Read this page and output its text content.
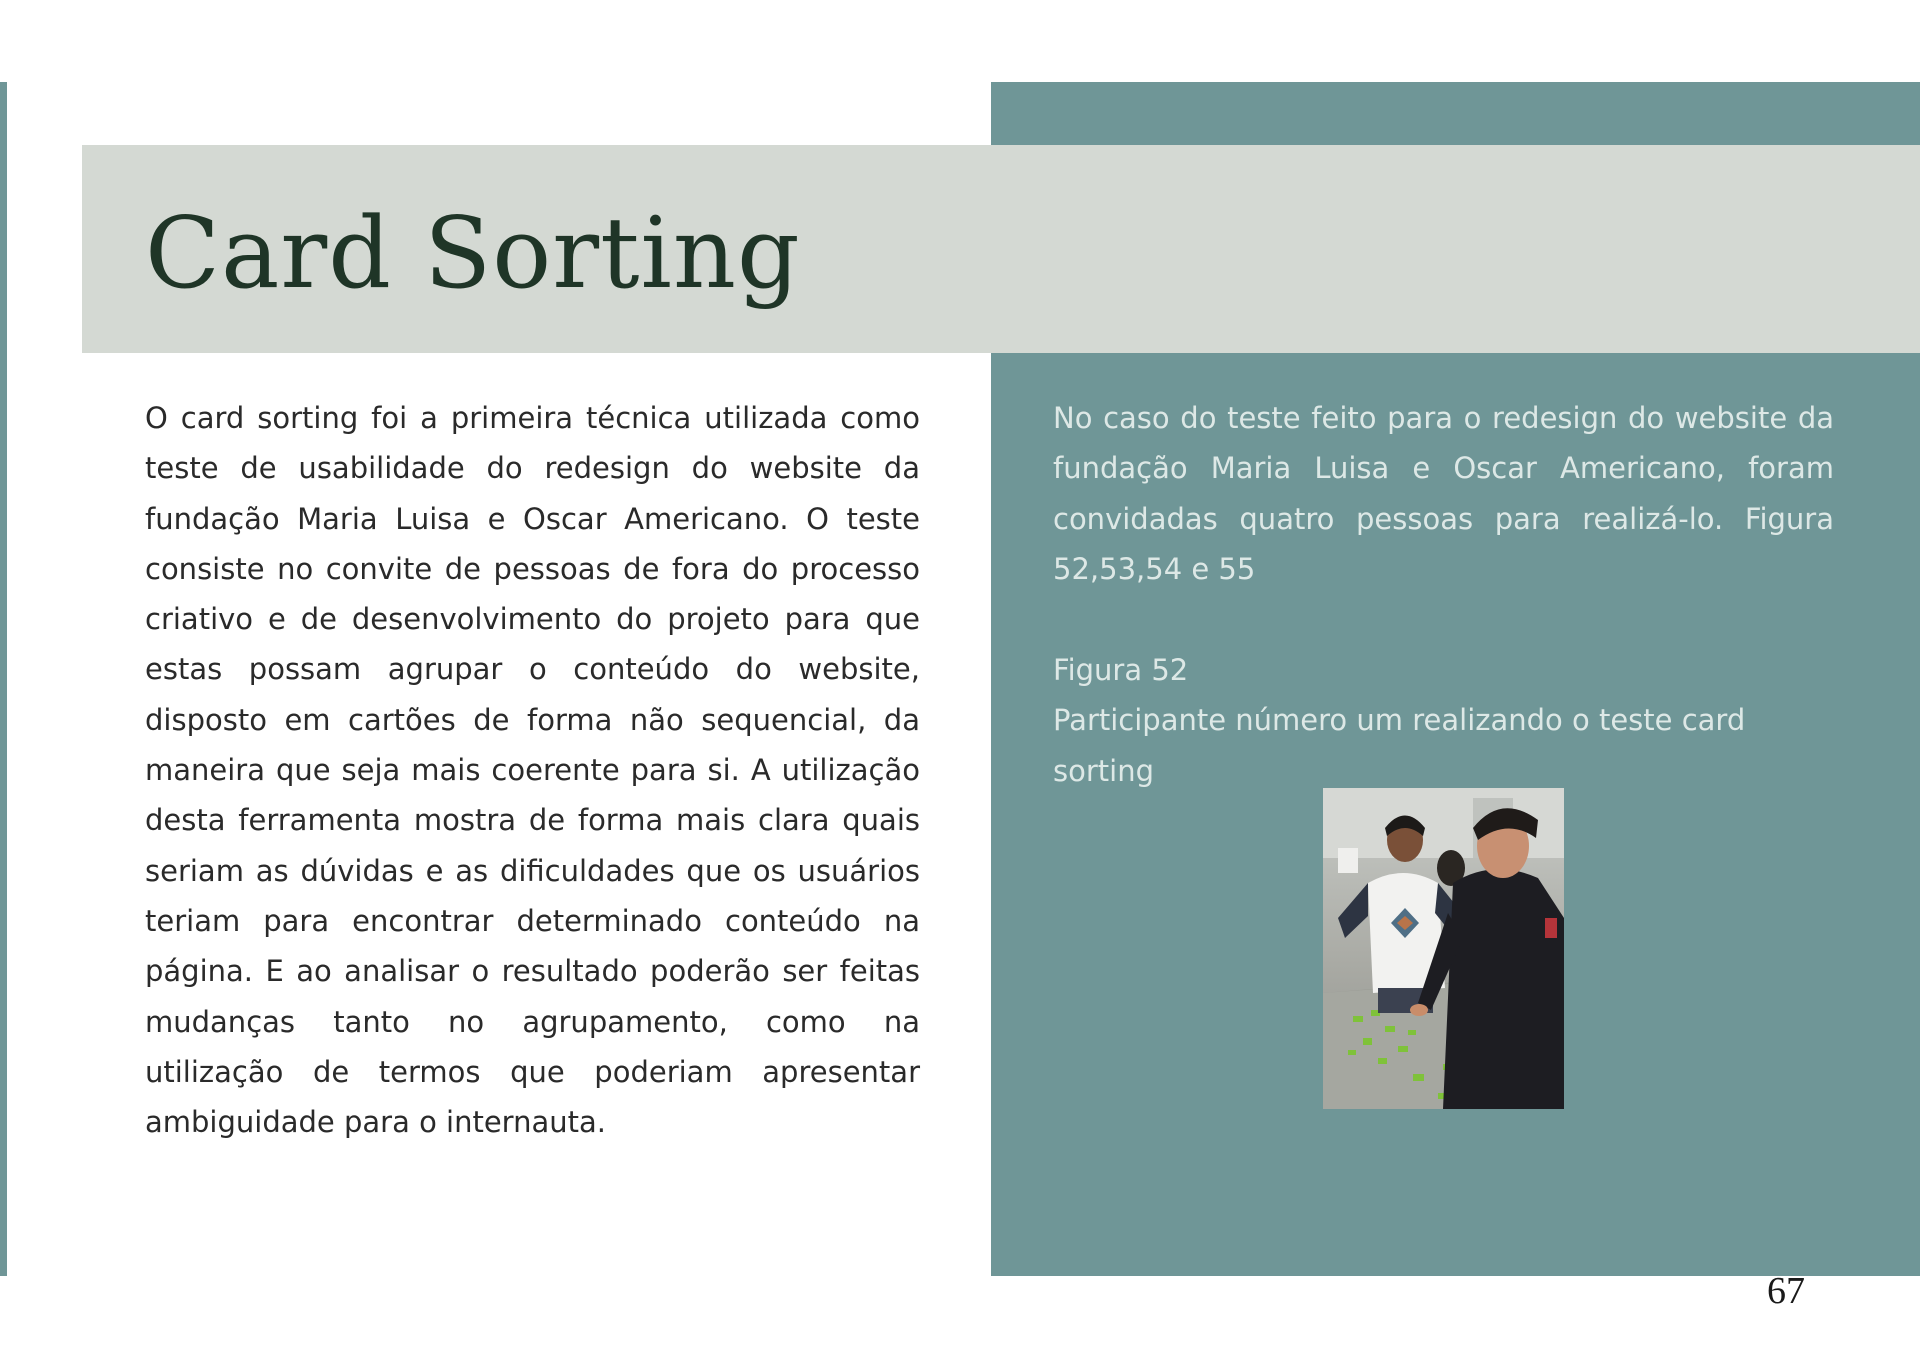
Card Sorting

O card sorting foi a primeira técnica utilizada como teste de usabilidade do redesign do website da fundação Maria Luisa e Oscar Americano. O teste consiste no convite de pessoas de fora do processo criativo e de desenvolvimento do projeto para que estas possam agrupar o conteúdo do website, disposto em cartões de forma não sequencial, da maneira que seja mais coerente para si. A utilização desta ferramenta mostra de forma mais clara quais seriam as dúvidas e as dificuldades que os usuários teriam para encontrar determinado conteúdo na página. E ao analisar o resultado poderão ser feitas mudanças tanto no agrupamento, como na utilização de termos que poderiam apresentar ambiguidade para o internauta.

No caso do teste feito para o redesign do website da fundação Maria Luisa e Oscar Americano, foram convidadas quatro pessoas para realizá-lo. Figura 52,53,54 e 55

Figura 52
Participante número um realizando o teste card sorting
67
